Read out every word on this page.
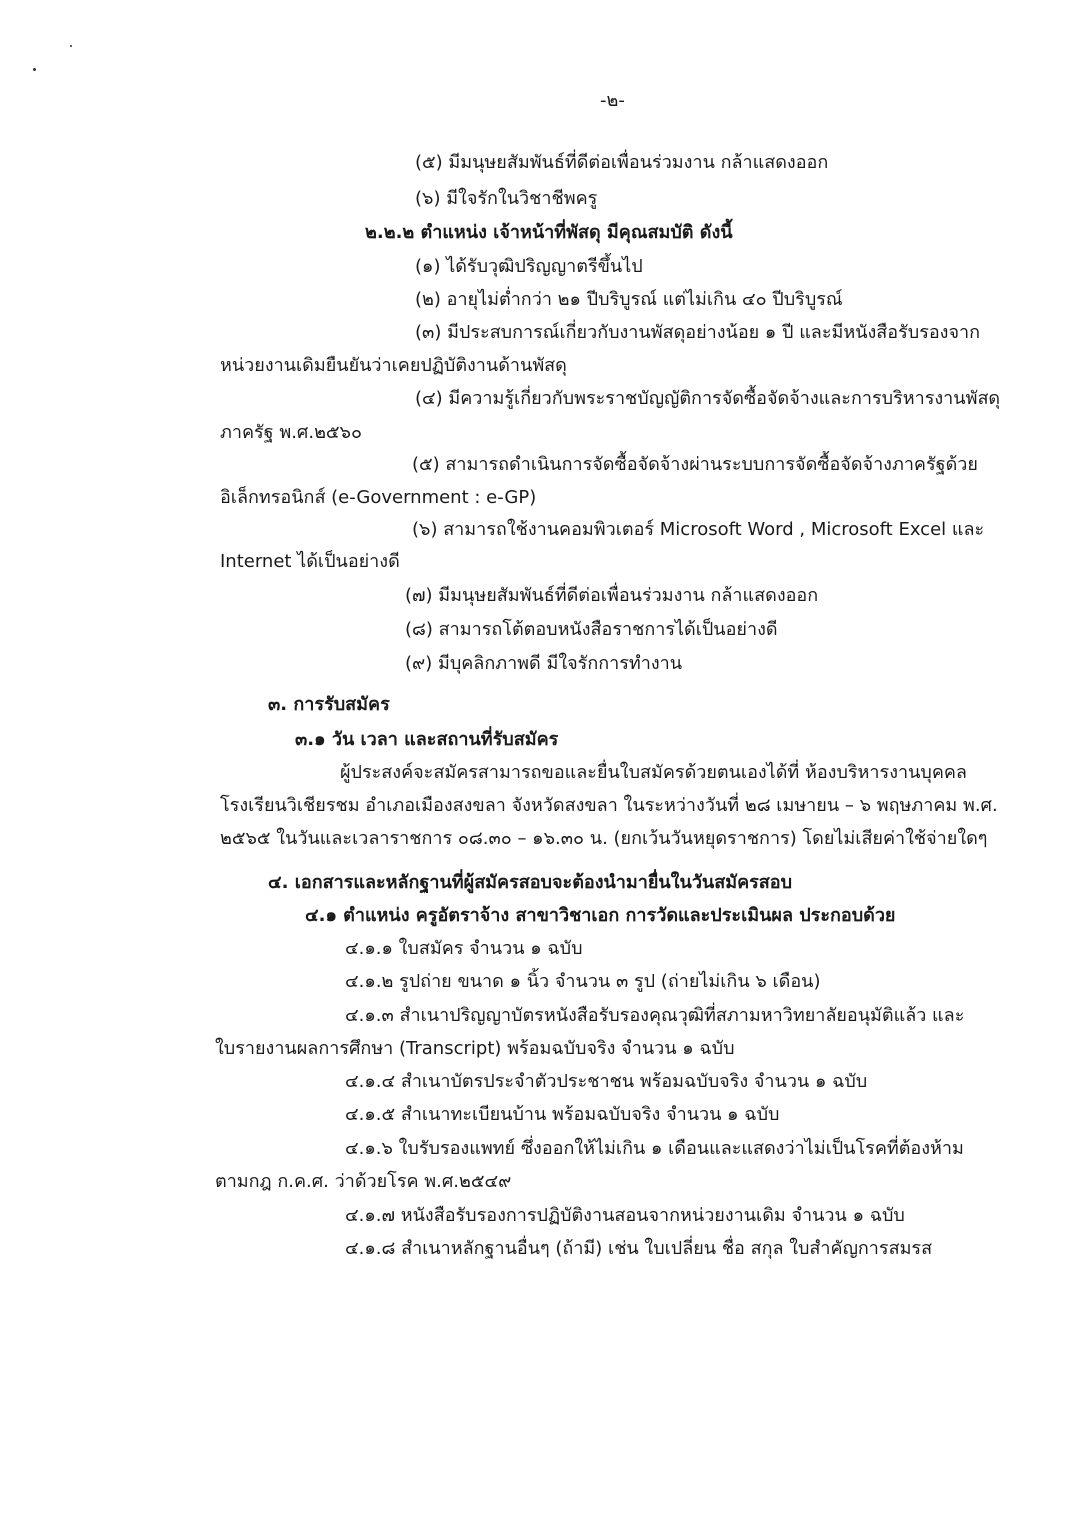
-๒-
(๕) มีมนุษยสัมพันธ์ที่ดีต่อเพื่อนร่วมงาน กล้าแสดงออก
(๖) มีใจรักในวิชาชีพครู
๒.๒.๒ ตำแหน่ง เจ้าหน้าที่พัสดุ มีคุณสมบัติ ดังนี้
(๑) ได้รับวุฒิปริญญาตรีขึ้นไป
(๒) อายุไม่ต่ำกว่า ๒๑ ปีบริบูรณ์ แต่ไม่เกิน ๔๐ ปีบริบูรณ์
(๓) มีประสบการณ์เกี่ยวกับงานพัสดุอย่างน้อย ๑ ปี และมีหนังสือรับรองจาก
หน่วยงานเดิมยืนยันว่าเคยปฏิบัติงานด้านพัสดุ
(๔) มีความรู้เกี่ยวกับพระราชบัญญัติการจัดซื้อจัดจ้างและการบริหารงานพัสดุ
ภาครัฐ พ.ศ.๒๕๖๐
(๕) สามารถดำเนินการจัดซื้อจัดจ้างผ่านระบบการจัดซื้อจัดจ้างภาครัฐด้วย
อิเล็กทรอนิกส์ (e-Government : e-GP)
(๖) สามารถใช้งานคอมพิวเตอร์ Microsoft Word , Microsoft Excel และ
Internet ได้เป็นอย่างดี
(๗) มีมนุษยสัมพันธ์ที่ดีต่อเพื่อนร่วมงาน กล้าแสดงออก
(๘) สามารถโต้ตอบหนังสือราชการได้เป็นอย่างดี
(๙) มีบุคลิกภาพดี มีใจรักการทำงาน
๓. การรับสมัคร
๓.๑ วัน เวลา และสถานที่รับสมัคร
ผู้ประสงค์จะสมัครสามารถขอและยื่นใบสมัครด้วยตนเองได้ที่ ห้องบริหารงานบุคคล
โรงเรียนวิเชียรชม อำเภอเมืองสงขลา จังหวัดสงขลา ในระหว่างวันที่ ๒๘ เมษายน – ๖ พฤษภาคม พ.ศ.
๒๕๖๕ ในวันและเวลาราชการ ๐๘.๓๐ – ๑๖.๓๐ น. (ยกเว้นวันหยุดราชการ) โดยไม่เสียค่าใช้จ่ายใดๆ
๔. เอกสารและหลักฐานที่ผู้สมัครสอบจะต้องนำมายื่นในวันสมัครสอบ
๔.๑ ตำแหน่ง ครูอัตราจ้าง สาขาวิชาเอก การวัดและประเมินผล ประกอบด้วย
๔.๑.๑ ใบสมัคร จำนวน ๑ ฉบับ
๔.๑.๒ รูปถ่าย ขนาด ๑ นิ้ว จำนวน ๓ รูป (ถ่ายไม่เกิน ๖ เดือน)
๔.๑.๓ สำเนาปริญญาบัตรหนังสือรับรองคุณวุฒิที่สภามหาวิทยาลัยอนุมัติแล้ว และ
ใบรายงานผลการศึกษา (Transcript) พร้อมฉบับจริง จำนวน ๑ ฉบับ
๔.๑.๔ สำเนาบัตรประจำตัวประชาชน พร้อมฉบับจริง จำนวน ๑ ฉบับ
๔.๑.๕ สำเนาทะเบียนบ้าน พร้อมฉบับจริง จำนวน ๑ ฉบับ
๔.๑.๖ ใบรับรองแพทย์ ซึ่งออกให้ไม่เกิน ๑ เดือนและแสดงว่าไม่เป็นโรคที่ต้องห้าม
ตามกฎ ก.ค.ศ. ว่าด้วยโรค พ.ศ.๒๕๔๙
๔.๑.๗ หนังสือรับรองการปฏิบัติงานสอนจากหน่วยงานเดิม จำนวน ๑ ฉบับ
๔.๑.๘ สำเนาหลักฐานอื่นๆ (ถ้ามี) เช่น ใบเปลี่ยน ชื่อ สกุล ใบสำคัญการสมรส
